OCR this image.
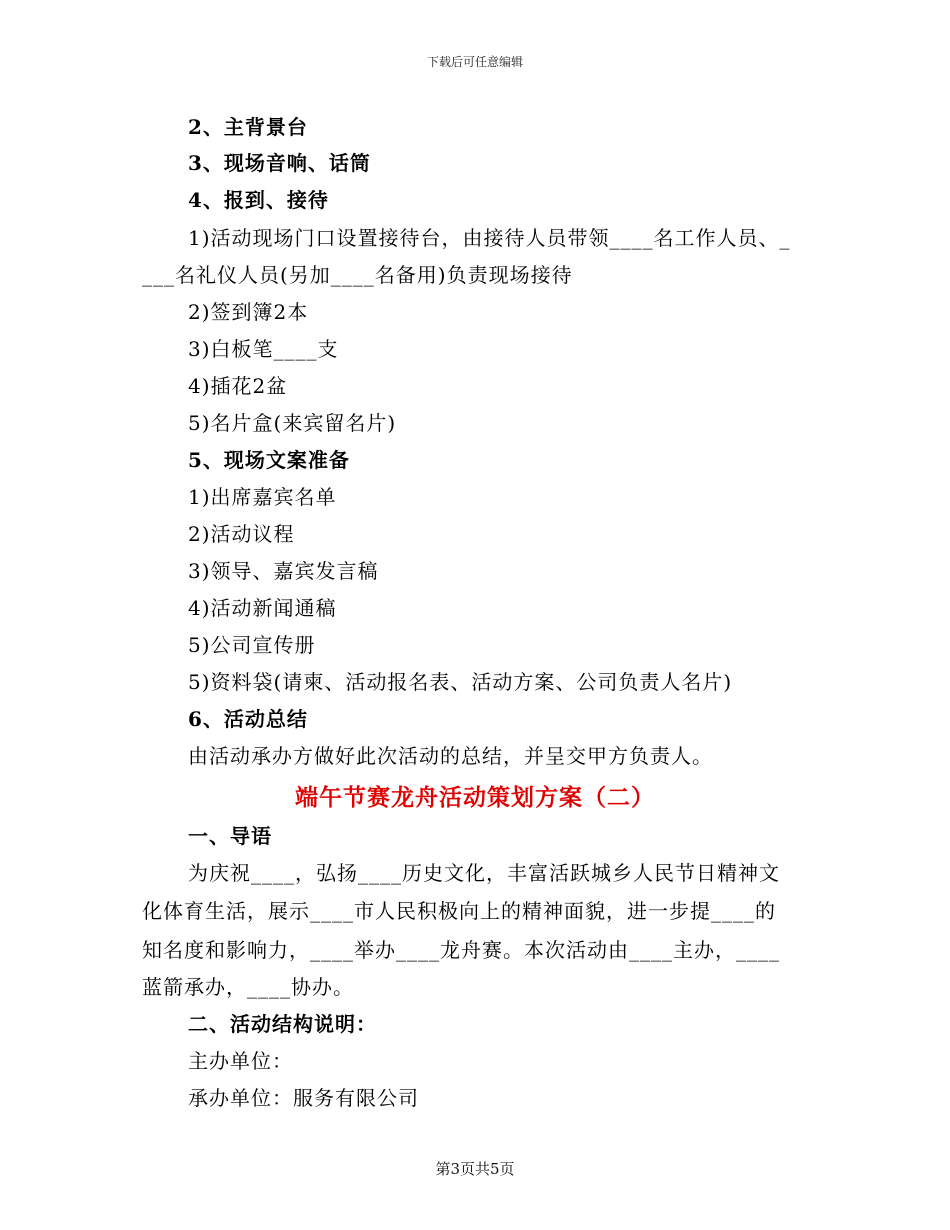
下载后可任意编辑
2、主背景台
3、现场音响、话筒
4、报到、接待
1)活动现场门口设置接待台，由接待人员带领____名工作人员、_
___名礼仪人员(另加____名备用)负责现场接待
2)签到簿2本
3)白板笔____支
4)插花2盆
5)名片盒(来宾留名片)
5、现场文案准备
1)出席嘉宾名单
2)活动议程
3)领导、嘉宾发言稿
4)活动新闻通稿
5)公司宣传册
5)资料袋(请柬、活动报名表、活动方案、公司负责人名片)
6、活动总结
由活动承办方做好此次活动的总结，并呈交甲方负责人。
端午节赛龙舟活动策划方案（二）
一、导语
为庆祝____，弘扬____历史文化，丰富活跃城乡人民节日精神文
化体育生活，展示____市人民积极向上的精神面貌，进一步提____的
知名度和影响力，____举办____龙舟赛。本次活动由____主办，____
蓝箭承办，____协办。
二、活动结构说明：
主办单位：
承办单位：服务有限公司
第3页共5页
